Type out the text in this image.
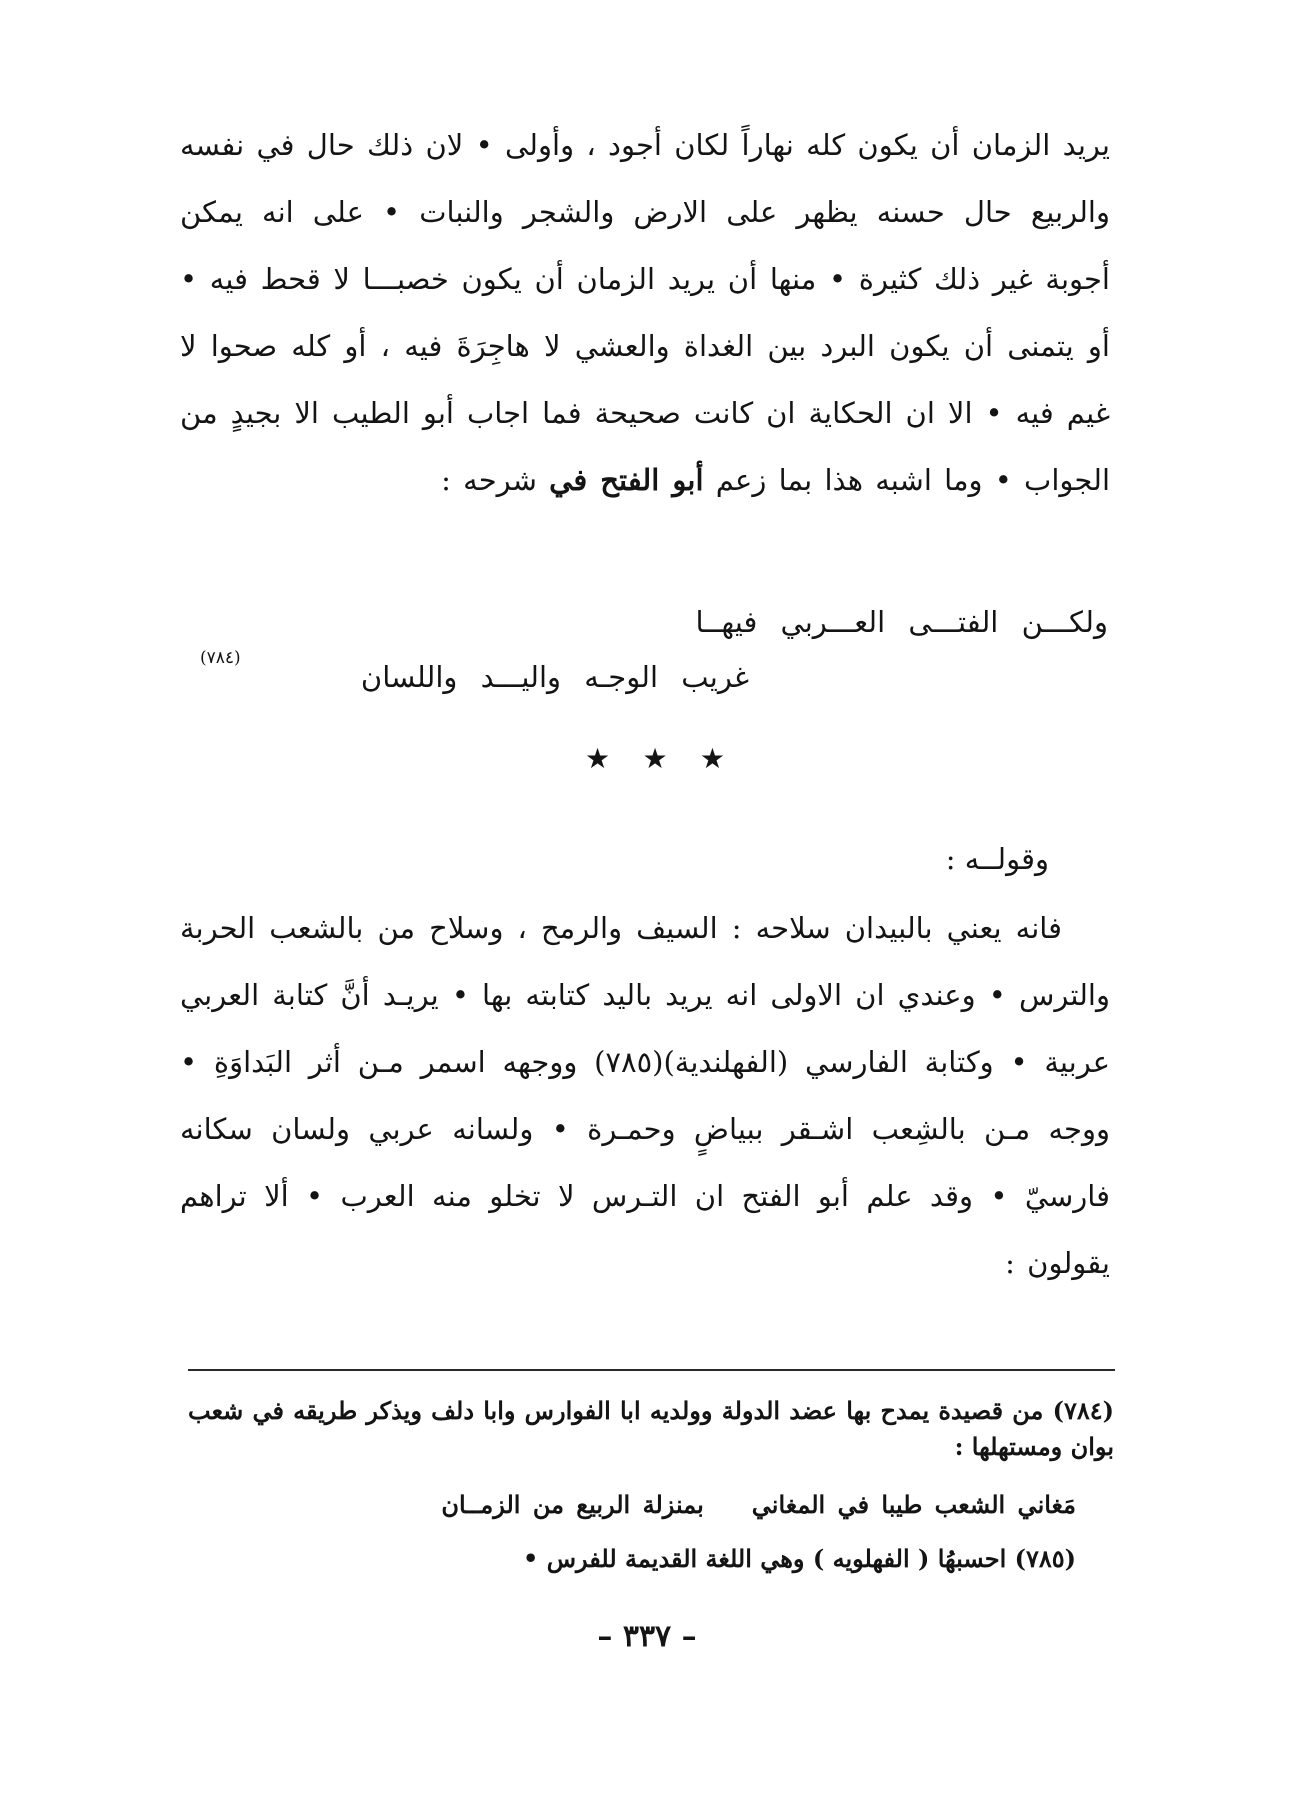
يريد الزمان أن يكون كله نهاراً لكان أجود ، وأولى • لان ذلك حال في نفسه والربيع حال حسنه يظهر على الارض والشجر والنبات • على انه يمكن أجوبة غير ذلك كثيرة • منها أن يريد الزمان أن يكون خصبـــا لا قحط فيه • أو يتمنى أن يكون البرد بين الغداة والعشي لا هاجِرَةَ فيه ، أو كله صحوا لا غيم فيه • الا ان الحكاية ان كانت صحيحة فما اجاب أبو الطيب الا بجيدٍ من الجواب • وما اشبه هذا بما زعم أبو الفتح في شرحه :
ولكـــن الفتـــى العـــربي فيهــا
غريب الوجـه واليـــد واللسان
(٧٨٤)
★ ★ ★
وقولــه :
فانه يعني بالبيدان سلاحه : السيف والرمح ، وسلاح من بالشعب الحربة والترس • وعندي ان الاولى انه يريد باليد كتابته بها • يريـد أنَّ كتابة العربي عربية • وكتابة الفارسي (الفهلندية)(٧٨٥) ووجهه اسمر مـن أثر البَداوَةِ • ووجه مـن بالشِعب اشـقر ببياضٍ وحمـرة • ولسانه عربي ولسان سكانه فارسيّ • وقد علم أبو الفتح ان التـرس لا تخلو منه العرب • ألا تراهم يقولون :
(٧٨٤) من قصيدة يمدح بها عضد الدولة وولديه ابا الفوارس وابا دلف ويذكر طريقه في شعب بوان ومستهلها :
مَغاني الشعب طيبا في المغانيبمنزلة الربيع من الزمــان
(٧٨٥) احسبهُا ( الفهلويه ) وهي اللغة القديمة للفرس •
– ٣٣٧ –
